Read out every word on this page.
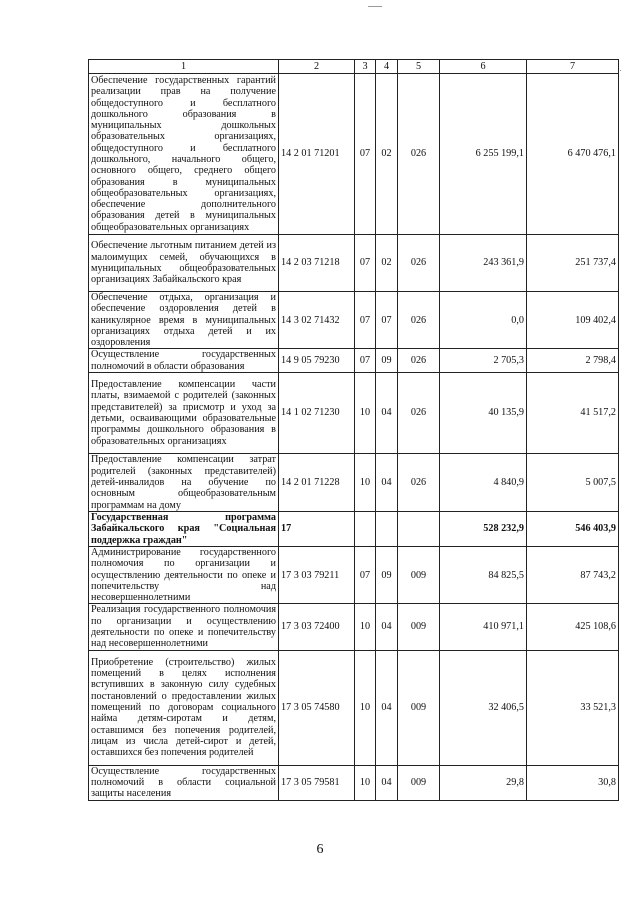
1	2	3	4	5	6	7
Обеспечение государственных гарантий реализации прав на получение общедоступного и бесплатного дошкольного образования в муниципальных дошкольных образовательных организациях, общедоступного и бесплатного дошкольного, начального общего, основного общего, среднего общего образования в муниципальных общеобразовательных организациях, обеспечение дополнительного образования детей в муниципальных общеобразовательных организациях	14 2 01 71201	07	02	026	6 255 199,1	6 470 476,1
Обеспечение льготным питанием детей из малоимущих семей, обучающихся в муниципальных общеобразовательных организациях Забайкальского края	14 2 03 71218	07	02	026	243 361,9	251 737,4
Обеспечение отдыха, организация и обеспечение оздоровления детей в каникулярное время в муниципальных организациях отдыха детей и их оздоровления	14 3 02 71432	07	07	026	0,0	109 402,4
Осуществление государственных полномочий в области образования	14 9 05 79230	07	09	026	2 705,3	2 798,4
Предоставление компенсации части платы, взимаемой с родителей (законных представителей) за присмотр и уход за детьми, осваивающими образовательные программы дошкольного образования в образовательных организациях	14 1 02 71230	10	04	026	40 135,9	41 517,2
Предоставление компенсации затрат родителей (законных представителей) детей-инвалидов на обучение по основным общеобразовательным программам на дому	14 2 01 71228	10	04	026	4 840,9	5 007,5
Государственная программа Забайкальского края "Социальная поддержка граждан"	17				528 232,9	546 403,9
Администрирование государственного полномочия по организации и осуществлению деятельности по опеке и попечительству над несовершеннолетними	17 3 03 79211	07	09	009	84 825,5	87 743,2
Реализация государственного полномочия по организации и осуществлению деятельности по опеке и попечительству над несовершеннолетними	17 3 03 72400	10	04	009	410 971,1	425 108,6
Приобретение (строительство) жилых помещений в целях исполнения вступивших в законную силу судебных постановлений о предоставлении жилых помещений по договорам социального найма детям-сиротам и детям, оставшимся без попечения родителей, лицам из числа детей-сирот и детей, оставшихся без попечения родителей	17 3 05 74580	10	04	009	32 406,5	33 521,3
Осуществление государственных полномочий в области социальной защиты населения	17 3 05 79581	10	04	009	29,8	30,8
6
